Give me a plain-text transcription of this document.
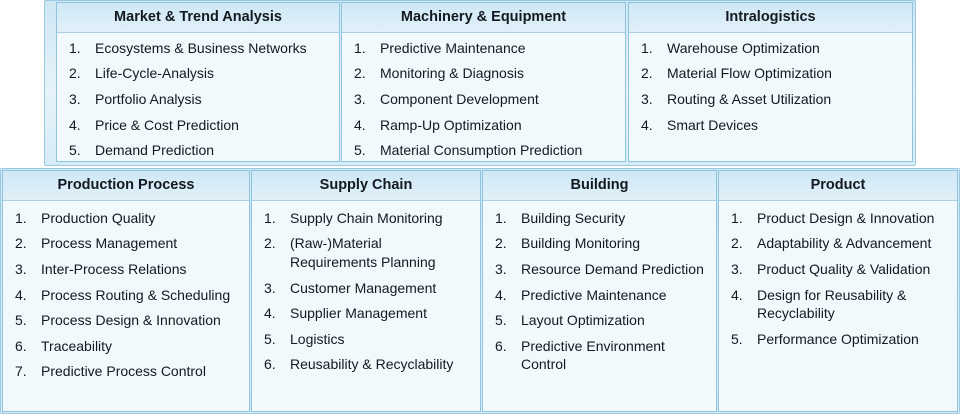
Market & Trend Analysis
Ecosystems & Business Networks
Life-Cycle-Analysis
Portfolio Analysis
Price & Cost Prediction
Demand Prediction
Machinery & Equipment
Predictive Maintenance
Monitoring & Diagnosis
Component Development
Ramp-Up Optimization
Material Consumption Prediction
Intralogistics
Warehouse Optimization
Material Flow Optimization
Routing & Asset Utilization
Smart Devices
Production Process
Production Quality
Process Management
Inter-Process Relations
Process Routing & Scheduling
Process Design & Innovation
Traceability
Predictive Process Control
Supply Chain
Supply Chain Monitoring
(Raw-)Material Requirements Planning
Customer Management
Supplier Management
Logistics
Reusability & Recyclability
Building
Building Security
Building Monitoring
Resource Demand Prediction
Predictive Maintenance
Layout Optimization
Predictive Environment Control
Product
Product Design & Innovation
Adaptability & Advancement
Product Quality & Validation
Design for Reusability & Recyclability
Performance Optimization
